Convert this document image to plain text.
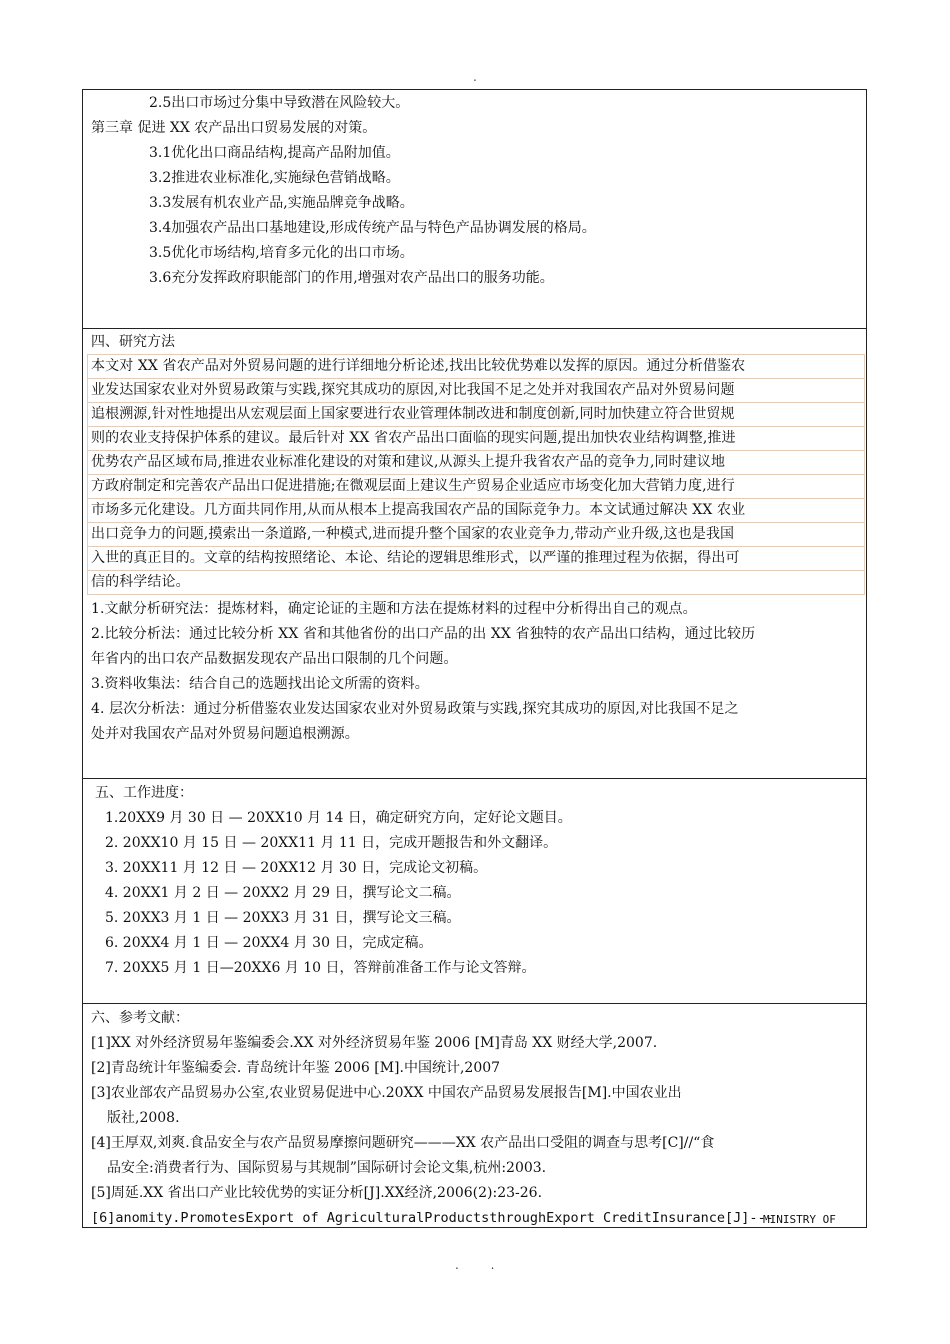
.
2.5出口市场过分集中导致潜在风险较大。
第三章 促进 XX 农产品出口贸易发展的对策。
3.1优化出口商品结构,提高产品附加值。
3.2推进农业标准化,实施绿色营销战略。
3.3发展有机农业产品,实施品牌竞争战略。
3.4加强农产品出口基地建设,形成传统产品与特色产品协调发展的格局。
3.5优化市场结构,培育多元化的出口市场。
3.6充分发挥政府职能部门的作用,增强对农产品出口的服务功能。
四、研究方法
本文对 XX 省农产品对外贸易问题的进行详细地分析论述,找出比较优势难以发挥的原因。通过分析借鉴农
业发达国家农业对外贸易政策与实践,探究其成功的原因,对比我国不足之处并对我国农产品对外贸易问题
追根溯源,针对性地提出从宏观层面上国家要进行农业管理体制改进和制度创新,同时加快建立符合世贸规
则的农业支持保护体系的建议。最后针对 XX 省农产品出口面临的现实问题,提出加快农业结构调整,推进
优势农产品区域布局,推进农业标准化建设的对策和建议,从源头上提升我省农产品的竞争力,同时建议地
方政府制定和完善农产品出口促进措施;在微观层面上建议生产贸易企业适应市场变化加大营销力度,进行
市场多元化建设。几方面共同作用,从而从根本上提高我国农产品的国际竞争力。本文试通过解决 XX 农业
出口竞争力的问题,摸索出一条道路,一种模式,进而提升整个国家的农业竞争力,带动产业升级,这也是我国
入世的真正目的。文章的结构按照绪论、本论、结论的逻辑思维形式，以严谨的推理过程为依据，得出可
信的科学结论。
1.文献分析研究法：提炼材料，确定论证的主题和方法在提炼材料的过程中分析得出自己的观点。
2.比较分析法：通过比较分析 XX 省和其他省份的出口产品的出 XX 省独特的农产品出口结构，通过比较历
年省内的出口农产品数据发现农产品出口限制的几个问题。
3.资料收集法：结合自己的选题找出论文所需的资料。
4. 层次分析法：通过分析借鉴农业发达国家农业对外贸易政策与实践,探究其成功的原因,对比我国不足之
处并对我国农产品对外贸易问题追根溯源。
五、工作进度：
1.20XX9 月 30 日 — 20XX10 月 14 日，确定研究方向，定好论文题目。
2. 20XX10 月 15 日 — 20XX11 月 11 日，完成开题报告和外文翻译。
3. 20XX11 月 12 日 — 20XX12 月 30 日，完成论文初稿。
4. 20XX1 月 2 日 — 20XX2 月 29 日，撰写论文二稿。
5. 20XX3 月 1 日 — 20XX3 月 31 日，撰写论文三稿。
6. 20XX4 月 1 日 — 20XX4 月 30 日，完成定稿。
7. 20XX5 月 1 日—20XX6 月 10 日，答辩前准备工作与论文答辩。
六、参考文献：
[1]XX 对外经济贸易年鉴编委会.XX 对外经济贸易年鉴 2006 [M]青岛 XX 财经大学,2007.
[2]青岛统计年鉴编委会. 青岛统计年鉴 2006 [M].中国统计,2007
[3]农业部农产品贸易办公室,农业贸易促进中心.20XX 中国农产品贸易发展报告[M].中国农业出
版社,2008.
[4]王厚双,刘爽.食品安全与农产品贸易摩擦问题研究———XX 农产品出口受阻的调查与思考[C]//“食
品安全:消费者行为、国际贸易与其规制”国际研讨会论文集,杭州:2003.
[5]周延.XX 省出口产业比较优势的实证分析[J].XX经济,2006(2):23-26.
[6]anomity.PromotesExport of AgriculturalProductsthroughExport CreditInsurance[J]---
MINISTRY OF
. .
